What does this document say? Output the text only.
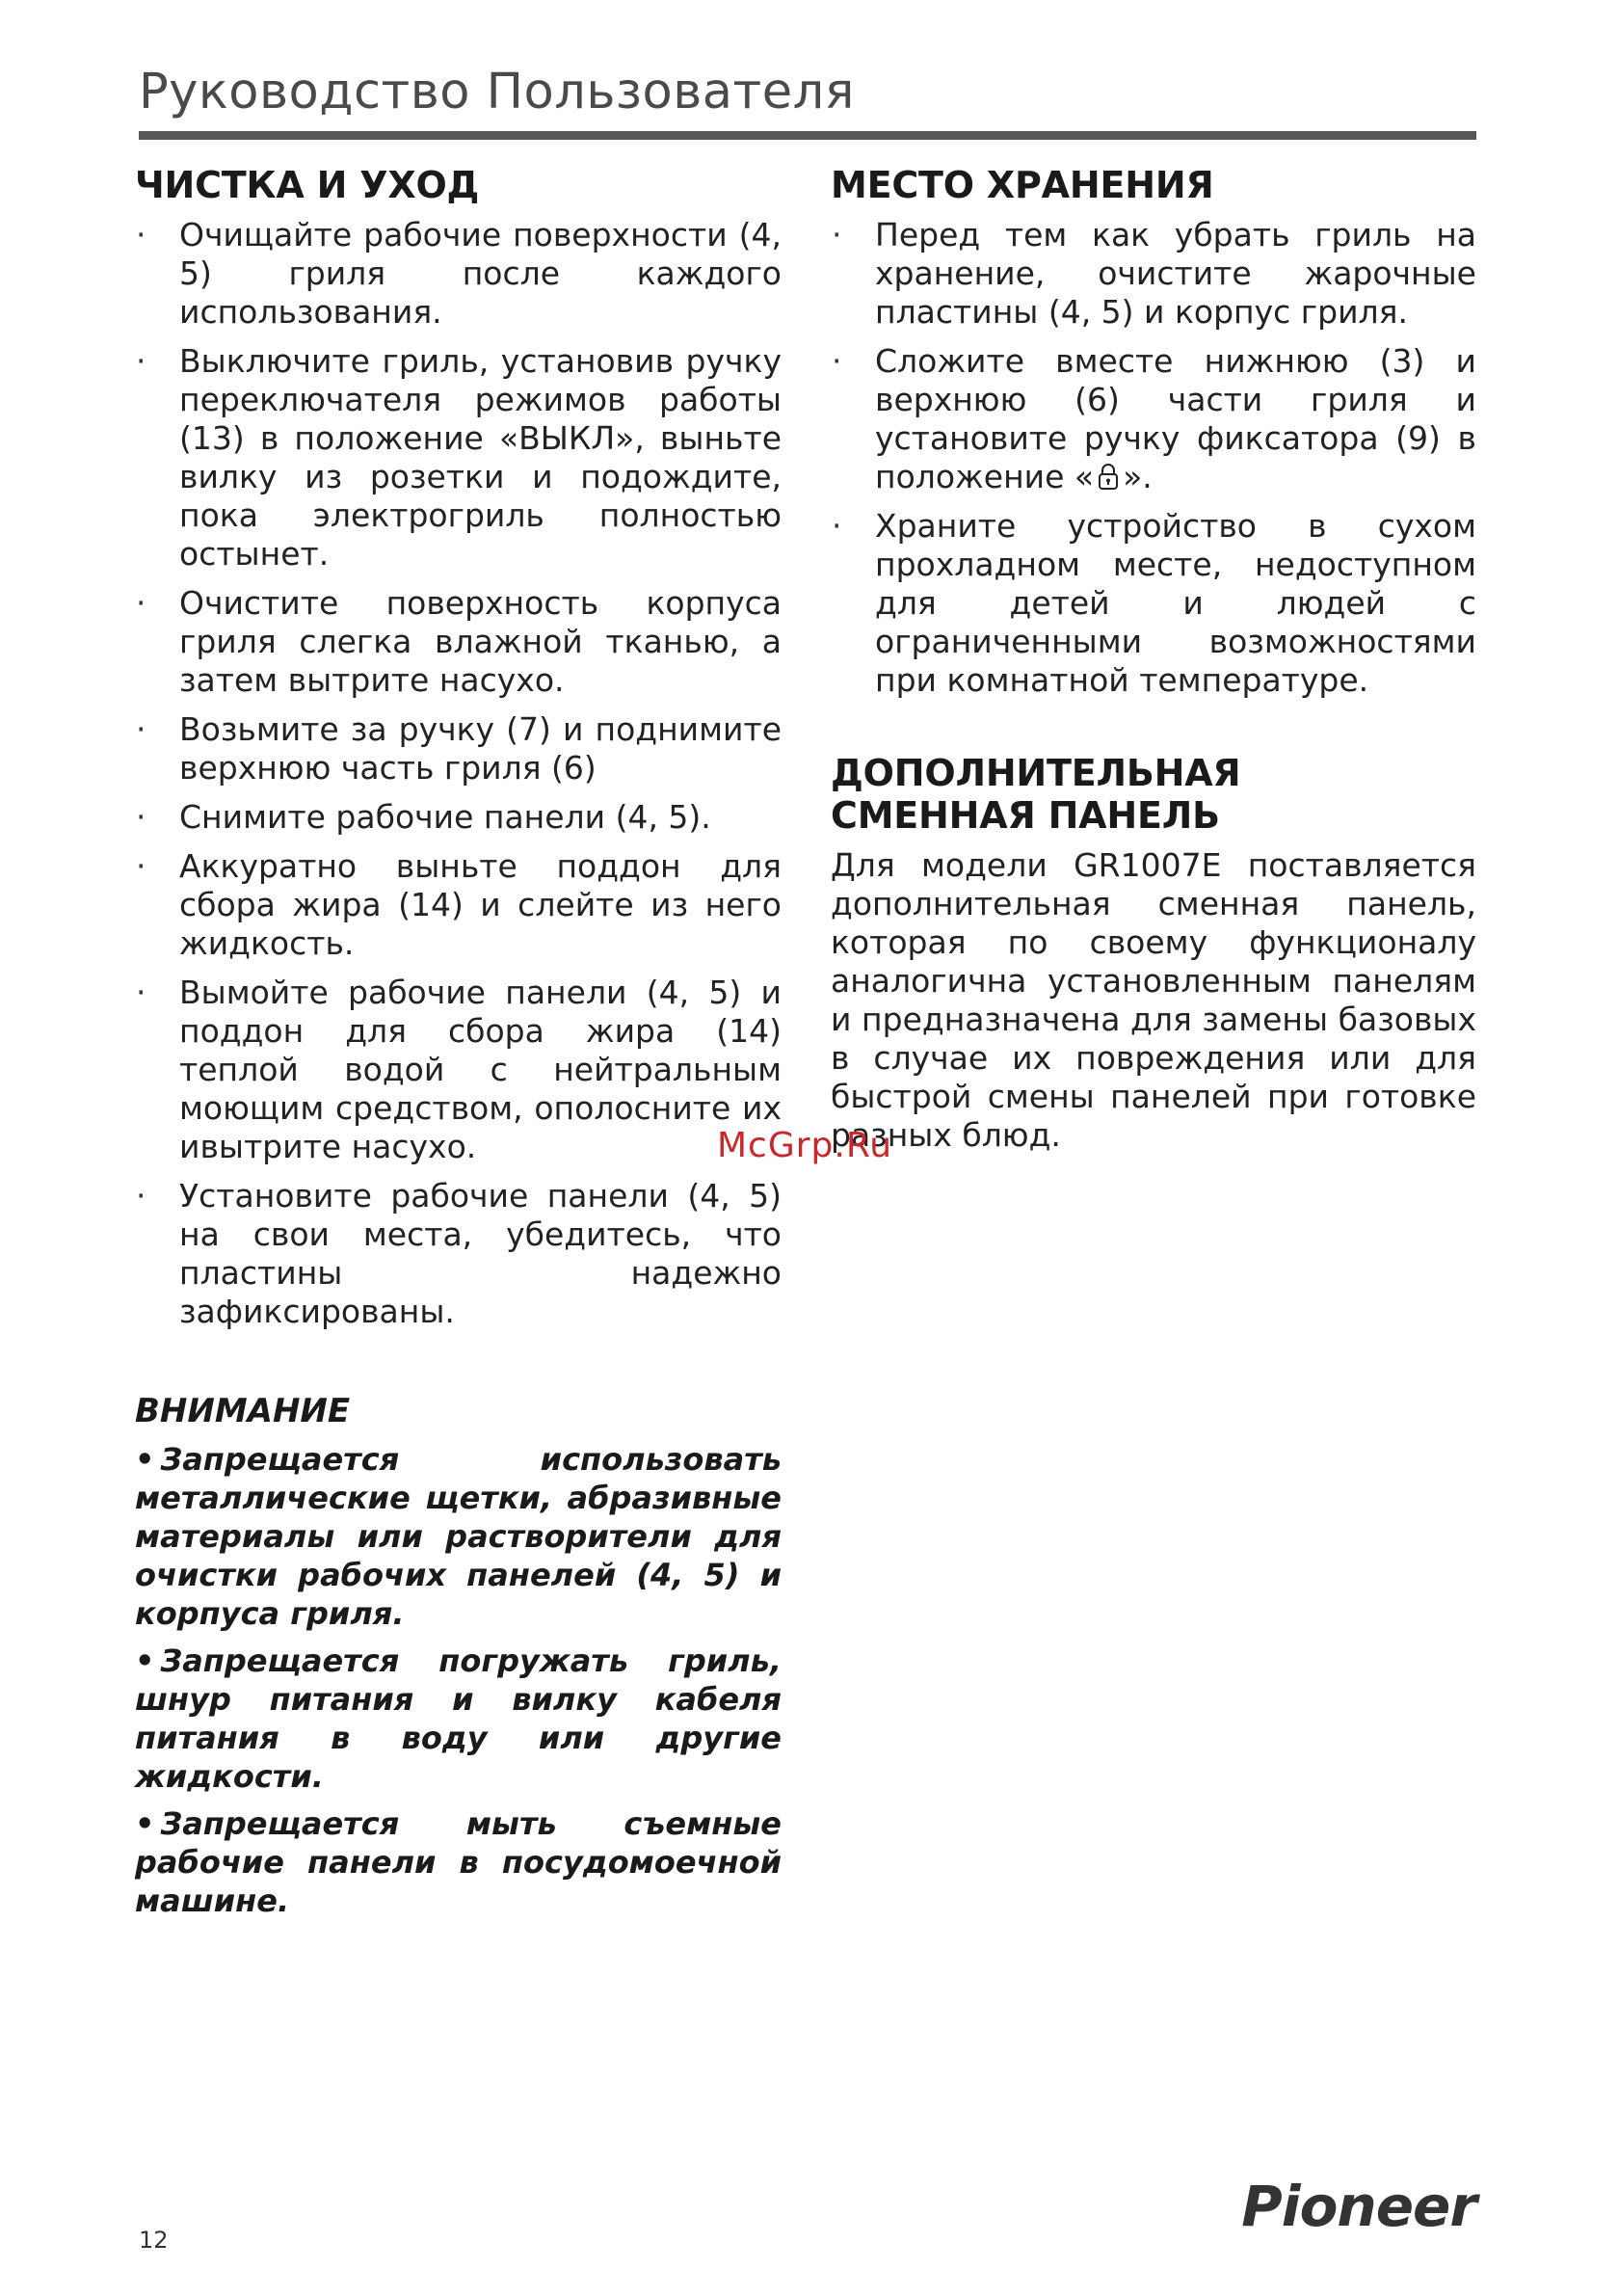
Руководство Пользователя
ЧИСТКА И УХОД
· Очищайте рабочие поверхности (4, 5) гриля после каждого использования.
· Выключите гриль, установив ручку переключателя режимов работы (13) в положение «ВЫКЛ», выньте вилку из розетки и подождите, пока электрогриль полностью остынет.
· Очистите поверхность корпуса гриля слегка влажной тканью, а затем вытрите насухо.
· Возьмите за ручку (7) и поднимите верхнюю часть гриля (6)
· Снимите рабочие панели (4, 5).
· Аккуратно выньте поддон для сбора жира (14) и слейте из него жидкость.
· Вымойте рабочие панели (4, 5) и поддон для сбора жира (14) теплой водой с нейтральным моющим средством, ополосните их ивытрите насухо.
· Установите рабочие панели (4, 5) на свои места, убедитесь, что пластины надежно зафиксированы.
ВНИМАНИЕ
• Запрещается использовать металлические щетки, абразивные материалы или растворители для очистки рабочих панелей (4, 5) и корпуса гриля.
• Запрещается погружать гриль, шнур питания и вилку кабеля питания в воду или другие жидкости.
• Запрещается мыть съемные рабочие панели в посудомоечной машине.
МЕСТО ХРАНЕНИЯ
· Перед тем как убрать гриль на хранение, очистите жарочные пластины (4, 5) и корпус гриля.
· Сложите вместе нижнюю (3) и верхнюю (6) части гриля и установите ручку фиксатора (9) в положение « ».
· Храните устройство в сухом прохладном месте, недоступном для детей и людей с ограниченными возможностями при комнатной температуре.
ДОПОЛНИТЕЛЬНАЯ
СМЕННАЯ ПАНЕЛЬ

Для модели GR1007E поставляется дополнительная сменная панель, которая по своему функционалу аналогична установленным панелям и предназначена для замены базовых в случае их повреждения или для быстрой смены панелей при готовке разных блюд.

McGrp.Ru
12
Pioneer
